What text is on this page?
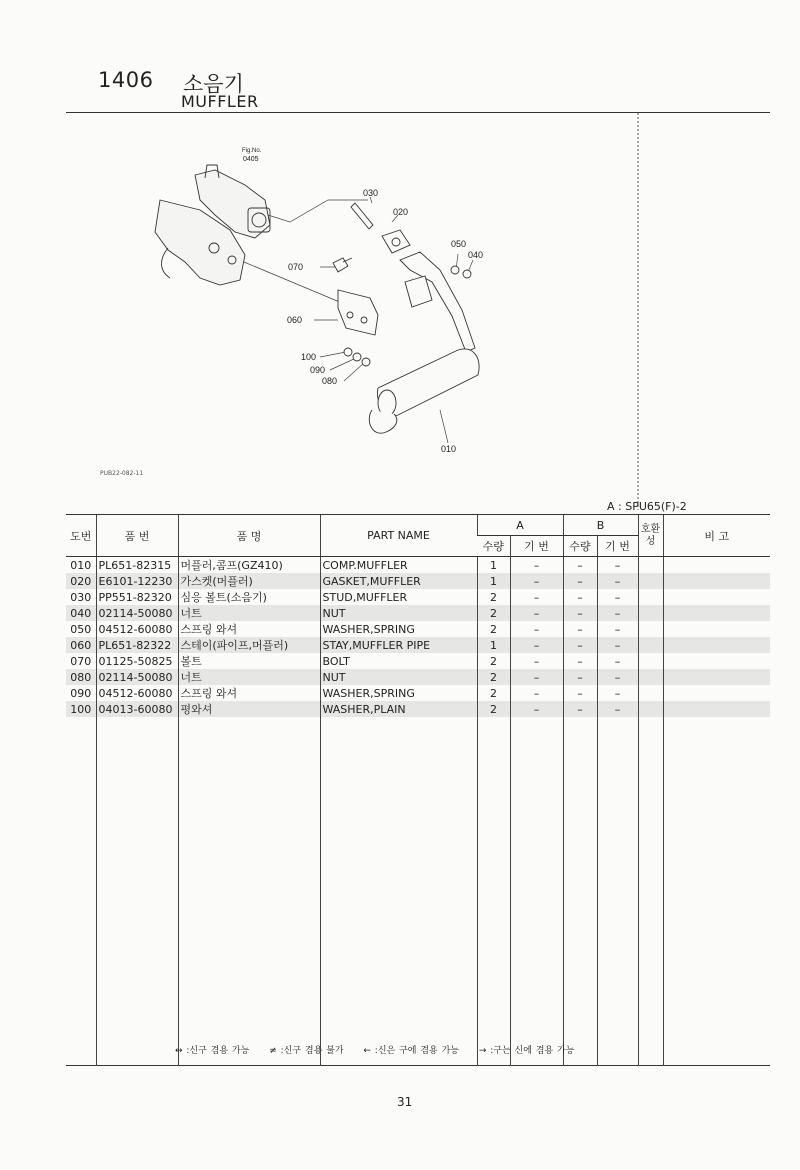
1406 소음기
MUFFLER
Fig.No.
0405
010
020
030
040
050
060
070
080
090
100
PUB22-082-11
A : SPU65(F)-2
도번	품 번	품 명	PART NAME	A		B		호환성	비 고
				수량	기 번	수량	기 번		
010	PL651-82315	머플러,콤프(GZ410)	COMP.MUFFLER	1	–	–	–		
020	E6101-12230	가스켓(머플러)	GASKET,MUFFLER	1	–	–	–		
030	PP551-82320	심응 볼트(소음기)	STUD,MUFFLER	2	–	–	–		
040	02114-50080	너트	NUT	2	–	–	–		
050	04512-60080	스프링 와셔	WASHER,SPRING	2	–	–	–		
060	PL651-82322	스테이(파이프,머플러)	STAY,MUFFLER PIPE	1	–	–	–		
070	01125-50825	볼트	BOLT	2	–	–	–		
080	02114-50080	너트	NUT	2	–	–	–		
090	04512-60080	스프링 와셔	WASHER,SPRING	2	–	–	–		
100	04013-60080	평와셔	WASHER,PLAIN	2	–	–	–		

↔ :신구 겸용 가능 ≠ :신구 겸용 불가 ← :신은 구에 겸용 가능 → :구는 신에 겸용 가능
31
